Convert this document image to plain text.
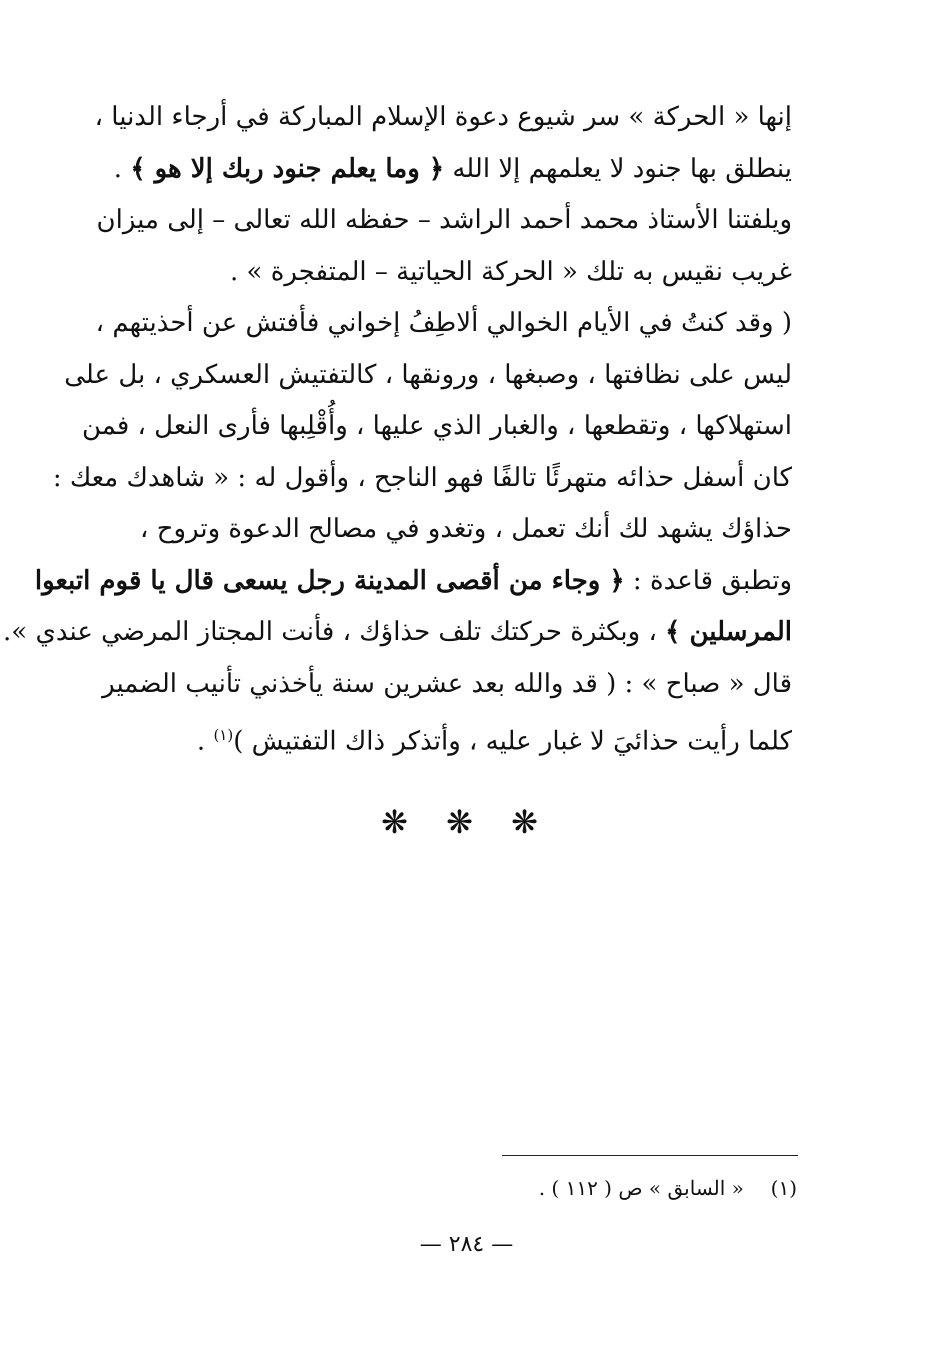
إنها « الحركة » سر شيوع دعوة الإسلام المباركة في أرجاء الدنيا ،
ينطلق بها جنود لا يعلمهم إلا الله ﴿ وما يعلم جنود ربك إلا هو ﴾ .
ويلفتنا الأستاذ محمد أحمد الراشد – حفظه الله تعالى – إلى ميزان
غريب نقيس به تلك « الحركة الحياتية – المتفجرة » .
( وقد كنتُ في الأيام الخوالي ألاطِفُ إخواني فأفتش عن أحذيتهم ،
ليس على نظافتها ، وصبغها ، ورونقها ، كالتفتيش العسكري ، بل على
استهلاكها ، وتقطعها ، والغبار الذي عليها ، وأُقْلِبها فأرى النعل ، فمن
كان أسفل حذائه متهرئًا تالفًا فهو الناجح ، وأقول له : « شاهدك معك :
حذاؤك يشهد لك أنك تعمل ، وتغدو في مصالح الدعوة وتروح ،
وتطبق قاعدة : ﴿ وجاء من أقصى المدينة رجل يسعى قال يا قوم اتبعوا
المرسلين ﴾ ، وبكثرة حركتك تلف حذاؤك ، فأنت المجتاز المرضي عندي ».
قال « صباح » : ( قد والله بعد عشرين سنة يأخذني تأنيب الضمير
كلما رأيت حذائيَ لا غبار عليه ، وأتذكر ذاك التفتيش )$^{(١)}$ .
❋ ❋ ❋
(١)  « السابق » ص ( ١١٢ ) .
— ٢٨٤ —
